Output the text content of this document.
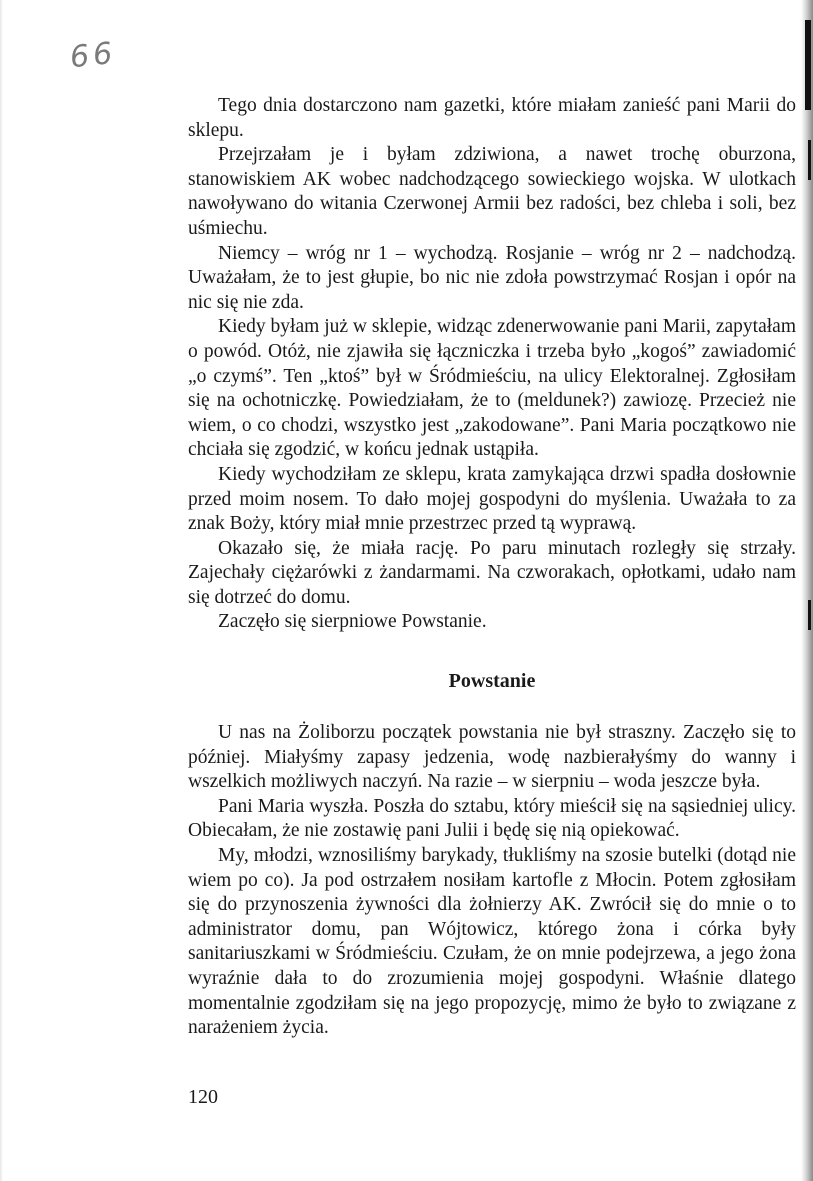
66

Tego dnia dostarczono nam gazetki, które miałam zanieść pani Marii do sklepu.

Przejrzałam je i byłam zdziwiona, a nawet trochę oburzona, stanowiskiem AK wobec nadchodzącego sowieckiego wojska. W ulotkach nawoływano do witania Czerwonej Armii bez radości, bez chleba i soli, bez uśmiechu.

Niemcy – wróg nr 1 – wychodzą. Rosjanie – wróg nr 2 – nadchodzą. Uważałam, że to jest głupie, bo nic nie zdoła powstrzymać Rosjan i opór na nic się nie zda.

Kiedy byłam już w sklepie, widząc zdenerwowanie pani Marii, zapytałam o powód. Otóż, nie zjawiła się łączniczka i trzeba było „kogoś” zawiadomić „o czymś”. Ten „ktoś” był w Śródmieściu, na ulicy Elektoralnej. Zgłosiłam się na ochotniczkę. Powiedziałam, że to (meldunek?) zawiozę. Przecież nie wiem, o co chodzi, wszystko jest „zakodowane”. Pani Maria początkowo nie chciała się zgodzić, w końcu jednak ustąpiła.

Kiedy wychodziłam ze sklepu, krata zamykająca drzwi spadła dosłownie przed moim nosem. To dało mojej gospodyni do myślenia. Uważała to za znak Boży, który miał mnie przestrzec przed tą wyprawą.

Okazało się, że miała rację. Po paru minutach rozległy się strzały. Zajechały ciężarówki z żandarmami. Na czworakach, opłotkami, udało nam się dotrzeć do domu.

Zaczęło się sierpniowe Powstanie.

Powstanie

U nas na Żoliborzu początek powstania nie był straszny. Zaczęło się to później. Miałyśmy zapasy jedzenia, wodę nazbierałyśmy do wanny i wszelkich możliwych naczyń. Na razie – w sierpniu – woda jeszcze była.

Pani Maria wyszła. Poszła do sztabu, który mieścił się na sąsiedniej ulicy. Obiecałam, że nie zostawię pani Julii i będę się nią opiekować.

My, młodzi, wznosiliśmy barykady, tłukliśmy na szosie butelki (dotąd nie wiem po co). Ja pod ostrzałem nosiłam kartofle z Młocin. Potem zgłosiłam się do przynoszenia żywności dla żołnierzy AK. Zwrócił się do mnie o to administrator domu, pan Wójtowicz, którego żona i córka były sanitariuszkami w Śródmieściu. Czułam, że on mnie podejrzewa, a jego żona wyraźnie dała to do zrozumienia mojej gospodyni. Właśnie dlatego momentalnie zgodziłam się na jego propozycję, mimo że było to związane z narażeniem życia.

120
